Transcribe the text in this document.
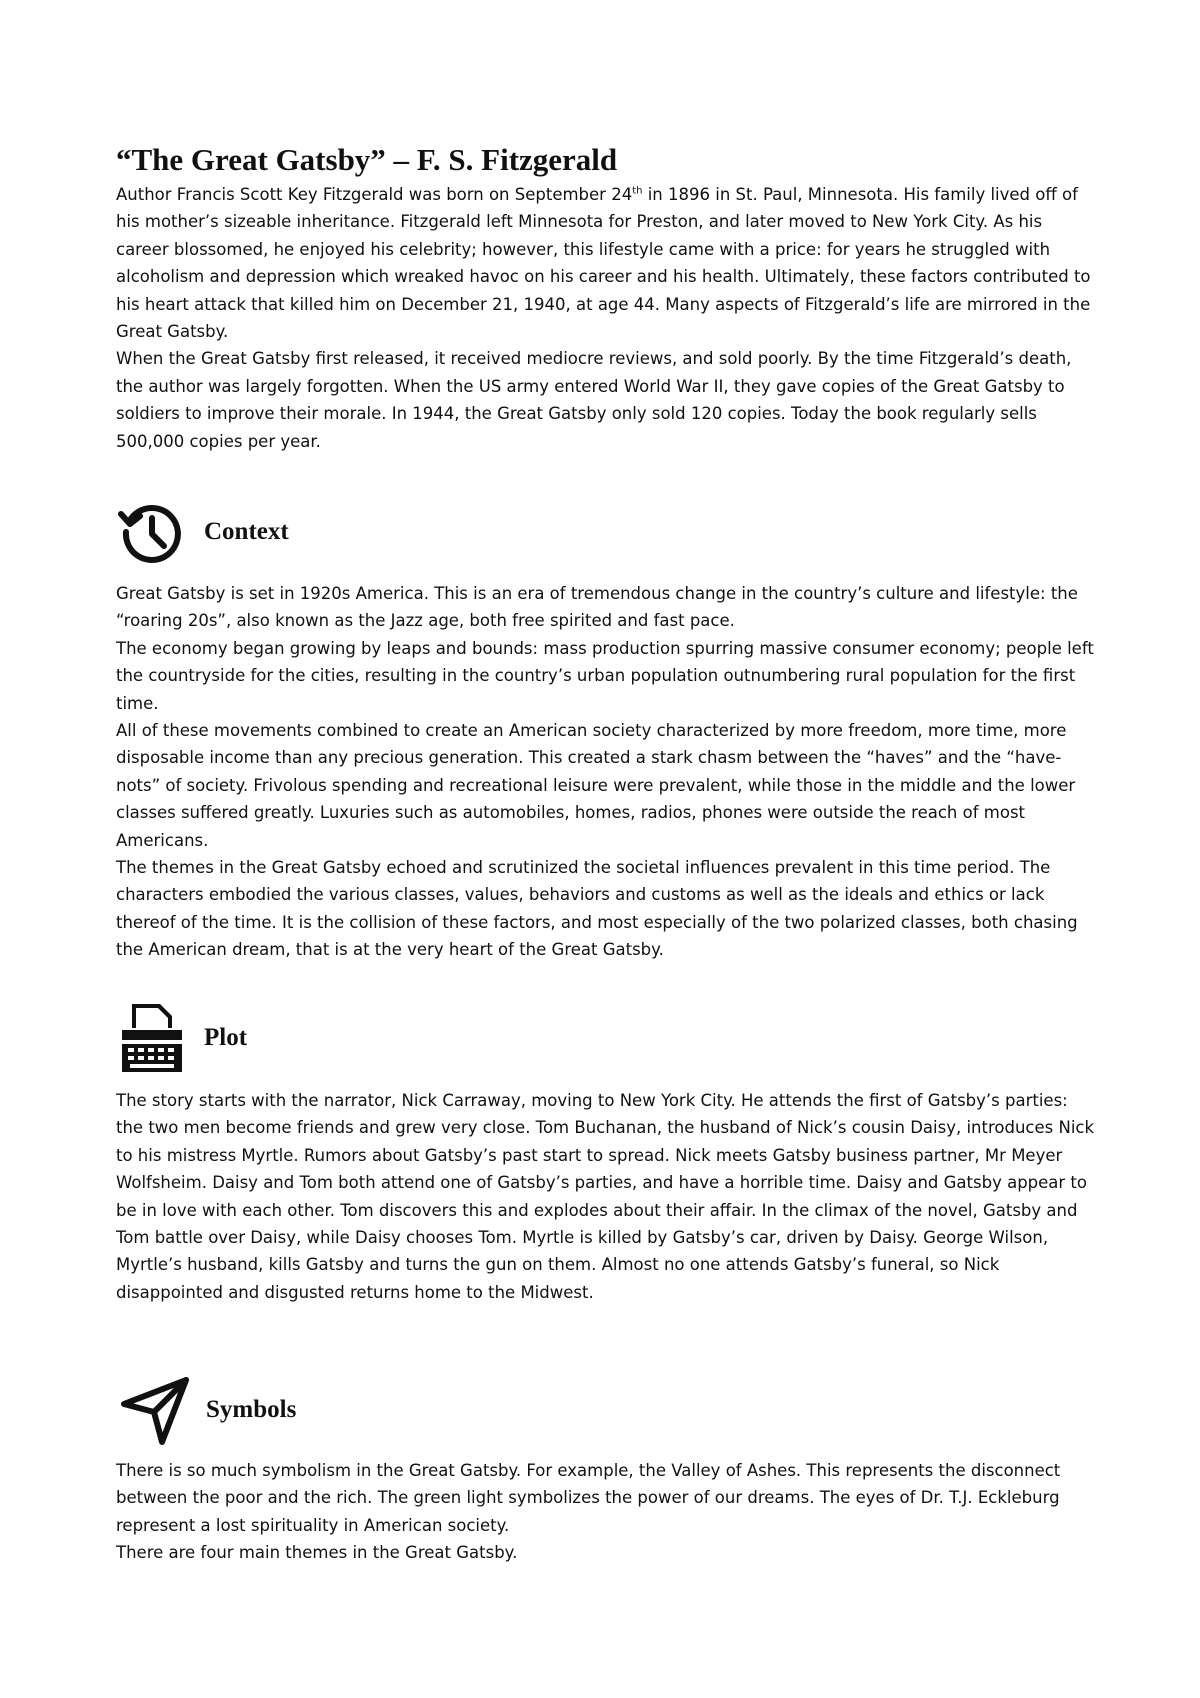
“The Great Gatsby” – F. S. Fitzgerald

Author Francis Scott Key Fitzgerald was born on September 24th in 1896 in St. Paul, Minnesota. His family lived off of his mother’s sizeable inheritance. Fitzgerald left Minnesota for Preston, and later moved to New York City. As his career blossomed, he enjoyed his celebrity; however, this lifestyle came with a price: for years he struggled with alcoholism and depression which wreaked havoc on his career and his health. Ultimately, these factors contributed to his heart attack that killed him on December 21, 1940, at age 44. Many aspects of Fitzgerald’s life are mirrored in the Great Gatsby.

When the Great Gatsby first released, it received mediocre reviews, and sold poorly. By the time Fitzgerald’s death, the author was largely forgotten. When the US army entered World War II, they gave copies of the Great Gatsby to soldiers to improve their morale. In 1944, the Great Gatsby only sold 120 copies. Today the book regularly sells 500,000 copies per year.

Context

Great Gatsby is set in 1920s America. This is an era of tremendous change in the country’s culture and lifestyle: the “roaring 20s”, also known as the Jazz age, both free spirited and fast pace.

The economy began growing by leaps and bounds: mass production spurring massive consumer economy; people left the countryside for the cities, resulting in the country’s urban population outnumbering rural population for the first time.

All of these movements combined to create an American society characterized by more freedom, more time, more disposable income than any precious generation. This created a stark chasm between the “haves” and the “have-nots” of society. Frivolous spending and recreational leisure were prevalent, while those in the middle and the lower classes suffered greatly. Luxuries such as automobiles, homes, radios, phones were outside the reach of most Americans.

The themes in the Great Gatsby echoed and scrutinized the societal influences prevalent in this time period. The characters embodied the various classes, values, behaviors and customs as well as the ideals and ethics or lack thereof of the time. It is the collision of these factors, and most especially of the two polarized classes, both chasing the American dream, that is at the very heart of the Great Gatsby.

Plot

The story starts with the narrator, Nick Carraway, moving to New York City. He attends the first of Gatsby’s parties: the two men become friends and grew very close. Tom Buchanan, the husband of Nick’s cousin Daisy, introduces Nick to his mistress Myrtle. Rumors about Gatsby’s past start to spread. Nick meets Gatsby business partner, Mr Meyer Wolfsheim. Daisy and Tom both attend one of Gatsby’s parties, and have a horrible time. Daisy and Gatsby appear to be in love with each other. Tom discovers this and explodes about their affair. In the climax of the novel, Gatsby and Tom battle over Daisy, while Daisy chooses Tom. Myrtle is killed by Gatsby’s car, driven by Daisy. George Wilson, Myrtle’s husband, kills Gatsby and turns the gun on them. Almost no one attends Gatsby’s funeral, so Nick disappointed and disgusted returns home to the Midwest.

Symbols

There is so much symbolism in the Great Gatsby. For example, the Valley of Ashes. This represents the disconnect between the poor and the rich. The green light symbolizes the power of our dreams. The eyes of Dr. T.J. Eckleburg represent a lost spirituality in American society.

There are four main themes in the Great Gatsby.
